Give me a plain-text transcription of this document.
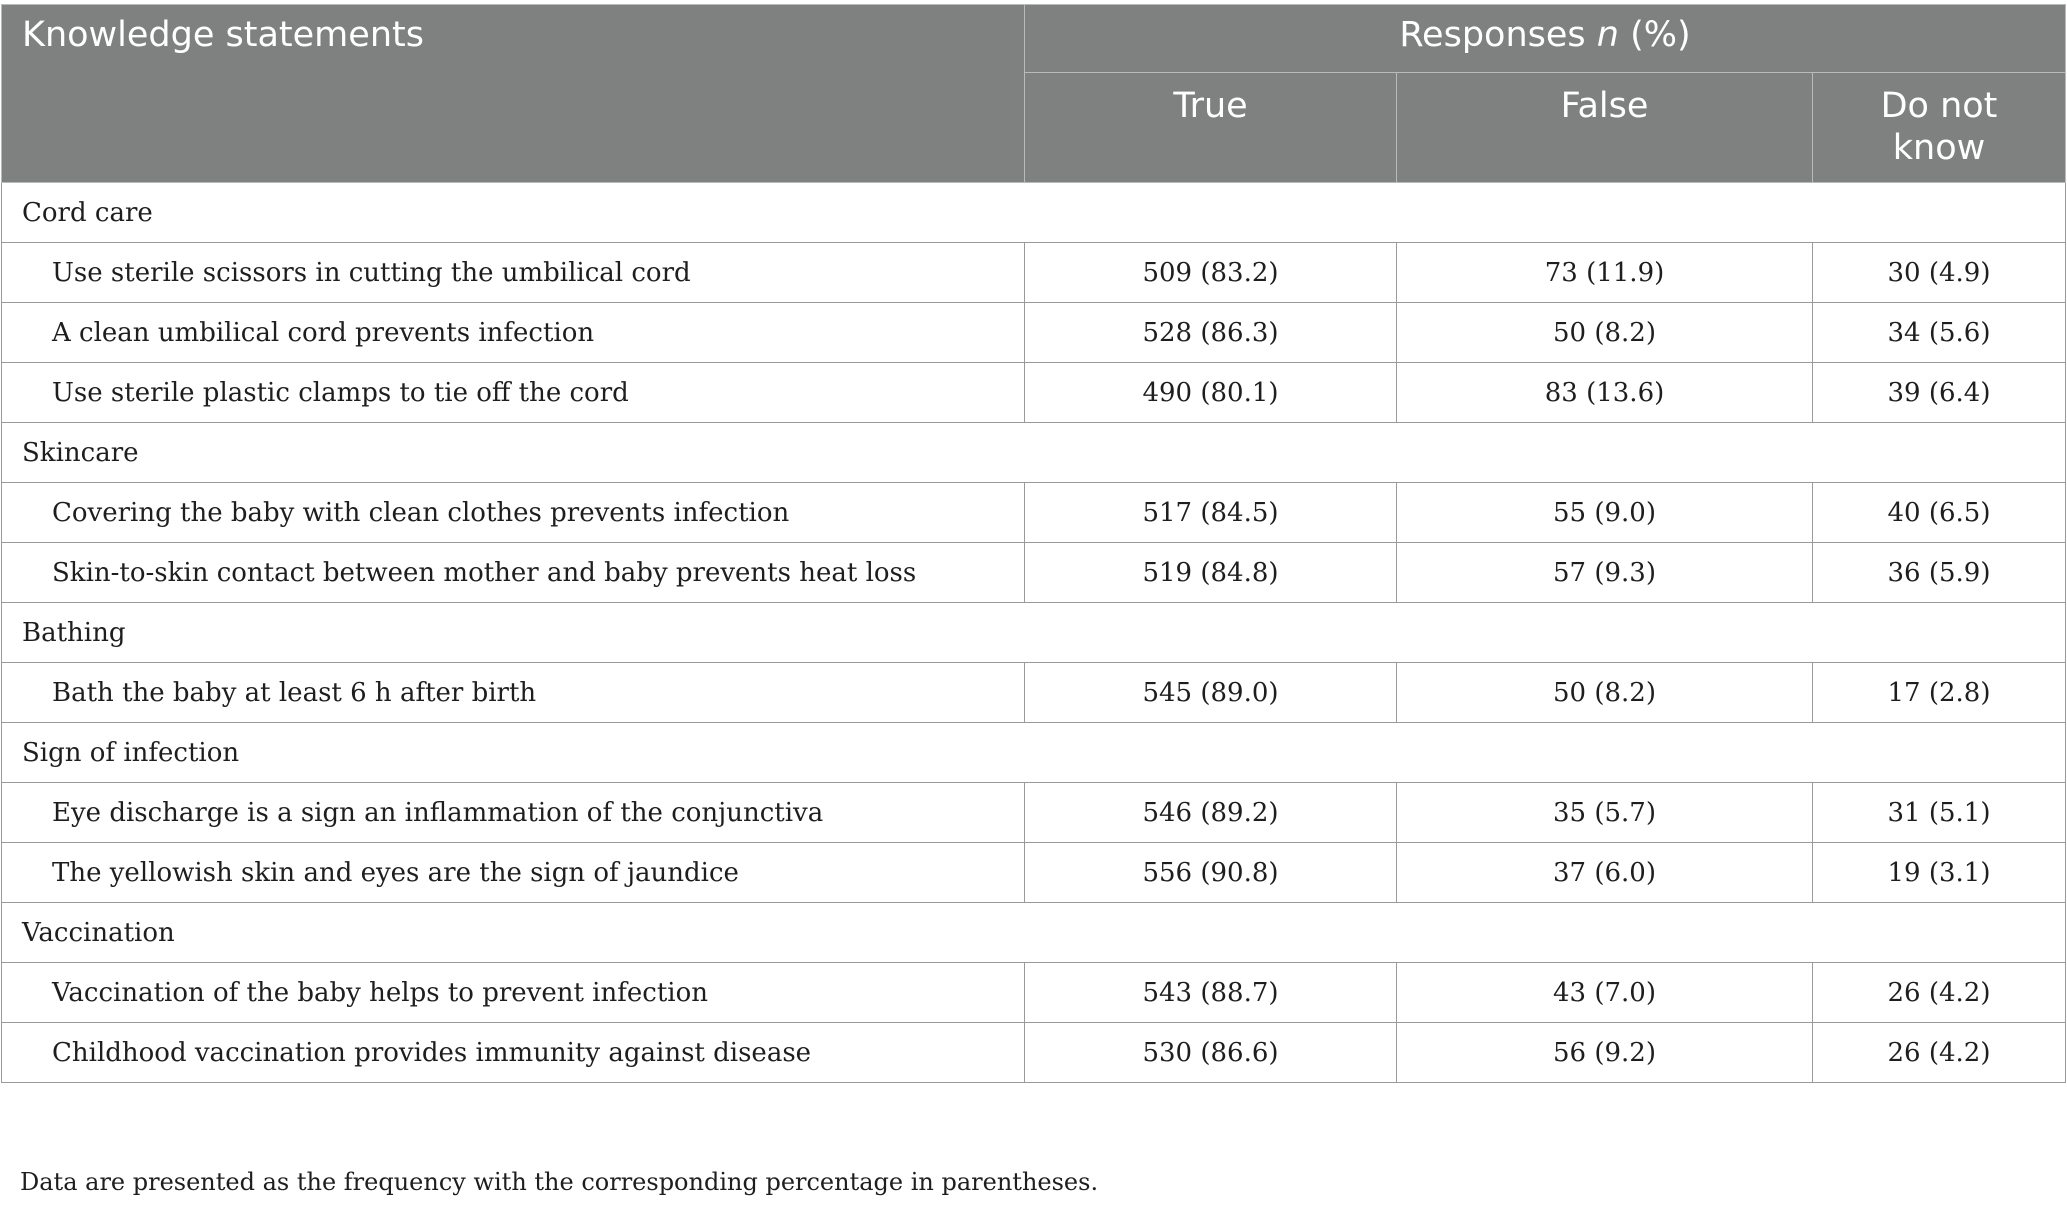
Knowledge statements	Responses n (%)		
	True	False	Do not
know
Cord care			
Use sterile scissors in cutting the umbilical cord	509 (83.2)	73 (11.9)	30 (4.9)
A clean umbilical cord prevents infection	528 (86.3)	50 (8.2)	34 (5.6)
Use sterile plastic clamps to tie off the cord	490 (80.1)	83 (13.6)	39 (6.4)
Skincare			
Covering the baby with clean clothes prevents infection	517 (84.5)	55 (9.0)	40 (6.5)
Skin-to-skin contact between mother and baby prevents heat loss	519 (84.8)	57 (9.3)	36 (5.9)
Bathing			
Bath the baby at least 6 h after birth	545 (89.0)	50 (8.2)	17 (2.8)
Sign of infection			
Eye discharge is a sign an inflammation of the conjunctiva	546 (89.2)	35 (5.7)	31 (5.1)
The yellowish skin and eyes are the sign of jaundice	556 (90.8)	37 (6.0)	19 (3.1)
Vaccination			
Vaccination of the baby helps to prevent infection	543 (88.7)	43 (7.0)	26 (4.2)
Childhood vaccination provides immunity against disease	530 (86.6)	56 (9.2)	26 (4.2)

Data are presented as the frequency with the corresponding percentage in parentheses.
